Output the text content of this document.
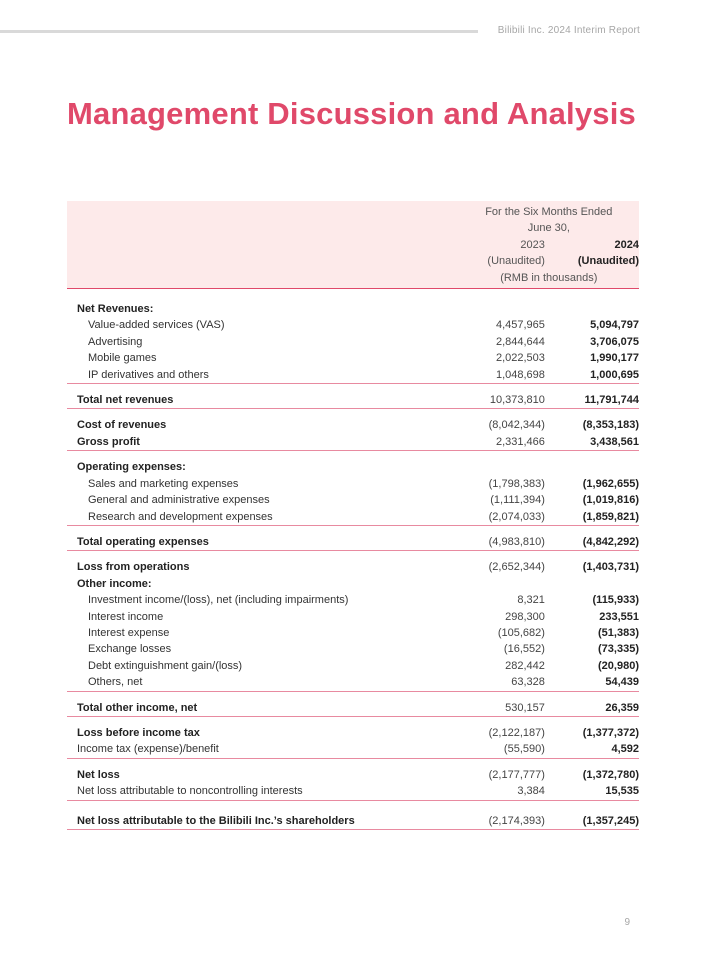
Bilibili Inc. 2024 Interim Report
Management Discussion and Analysis
	For the Six Months Ended	
	June 30,	
	2023	2024
	(Unaudited)	(Unaudited)
	(RMB in thousands)	

Net Revenues:		
Value-added services (VAS)	4,457,965	5,094,797
Advertising	2,844,644	3,706,075
Mobile games	2,022,503	1,990,177
IP derivatives and others	1,048,698	1,000,695

Total net revenues	10,373,810	11,791,744

Cost of revenues	(8,042,344)	(8,353,183)
Gross profit	2,331,466	3,438,561

Operating expenses:		
Sales and marketing expenses	(1,798,383)	(1,962,655)
General and administrative expenses	(1,111,394)	(1,019,816)
Research and development expenses	(2,074,033)	(1,859,821)

Total operating expenses	(4,983,810)	(4,842,292)

Loss from operations	(2,652,344)	(1,403,731)
Other income:		
Investment income/(loss), net (including impairments)	8,321	(115,933)
Interest income	298,300	233,551
Interest expense	(105,682)	(51,383)
Exchange losses	(16,552)	(73,335)
Debt extinguishment gain/(loss)	282,442	(20,980)
Others, net	63,328	54,439

Total other income, net	530,157	26,359

Loss before income tax	(2,122,187)	(1,377,372)
Income tax (expense)/benefit	(55,590)	4,592

Net loss	(2,177,777)	(1,372,780)
Net loss attributable to noncontrolling interests	3,384	15,535

Net loss attributable to the Bilibili Inc.’s shareholders	(2,174,393)	(1,357,245)
9
